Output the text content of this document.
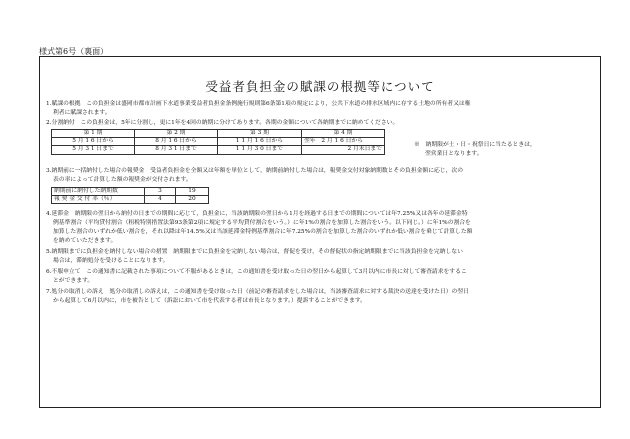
様式第6号（裏面）
受益者負担金の賦課の根拠等について
1.賦課の根拠　この負担金は盛岡市都市計画下水道事業受益者負担金条例施行規則第6条第1項の規定により，公共下水道の排水区域内に存する土地の所有者又は権
利者に賦課されます。
2.分割納付　この負担金は，5年に分割し，更に1年を4回の納期に分けてあります。各期の金額について各納期までに納めてください。
第 1 期	第 2 期	第 3 期	第 4 期
5 月 1 6 日から	8 月 1 6 日から	1 1 月 1 6 日から	翌年　2 月 1 6 日から
5 月 3 1 日まで	8 月 3 1 日まで	1 1 月 3 0 日まで	2 月末日まで
※　納期限が土・日・祝祭日に当たるときは，
翌営業日となります。
3.納期前に一括納付した場合の報奨金　受益者負担金を全額又は年額を単位として，納期前納付した場合は，報奨金交付対象納期数とその負担金額に応じ，次の
表の率によって計算した額の報奨金が交付されます。
納期前に納付した納期数	3	19
報 奨 金 交 付 率（％）	4	20
4.延滞金　納期限の翌日から納付の日までの期間に応じて，負担金に，当該納期限の翌日から1月を経過する日までの期間については年7.25%又は各年の延滞金特
例基準割合（平均貸付割合（租税特別措置法第93条第2項に規定する平均貸付割合をいう。）に年1%の割合を加算した割合をいう。以下同じ。）に年1%の割合を
加算した割合のいずれか低い割合を，それ以降は年14.5%又は当該延滞金特例基準割合に年7.25%の割合を加算した割合のいずれか低い割合を乗じて計算した額
を納めていただきます。
5.納期限までに負担金を納付しない場合の措置　納期限までに負担金を完納しない場合は，督促を受け，その督促状の指定納期限までに当該負担金を完納しない
場合は，滞納処分を受けることになります。
6.不服申立て　この通知書に記載された事項について不服があるときは，この通知書を受け取った日の翌日から起算して3月以内に市長に対して審査請求をするこ
とができます。
7.処分の取消しの訴え　処分の取消しの訴えは，この通知書を受け取った日（前記の審査請求をした場合は，当該審査請求に対する裁決の送達を受けた日）の翌日
から起算して6月以内に，市を被告として（訴訟において市を代表する者は市長となります。）提訴することができます。
